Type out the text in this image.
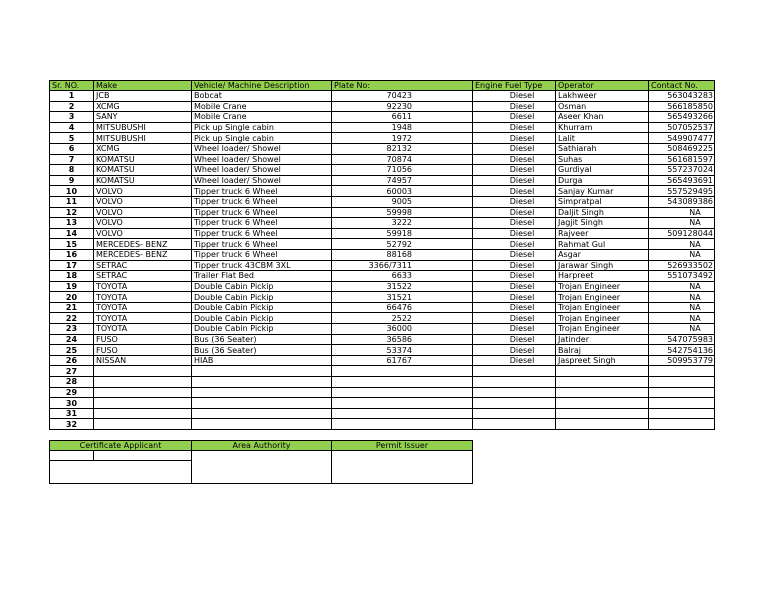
Sr. NO.	Make	Vehicle/ Machine Description	Plate No:	Engine Fuel Type	Operator	Contact No.
1	JCB	Bobcat	70423	Diesel	Lakhweer	563043283
2	XCMG	Mobile Crane	92230	Diesel	Osman	566185850
3	SANY	Mobile Crane	6611	Diesel	Aseer Khan	565493266
4	MITSUBUSHI	Pick up Single cabin	1948	Diesel	Khurram	507052537
5	MITSUBUSHI	Pick up Single cabin	1972	Diesel	Lalit	549907477
6	XCMG	Wheel loader/ Showel	82132	Diesel	Sathiarah	508469225
7	KOMATSU	Wheel loader/ Showel	70874	Diesel	Suhas	561681597
8	KOMATSU	Wheel loader/ Showel	71056	Diesel	Gurdiyal	557237024
9	KOMATSU	Wheel loader/ Showel	74957	Diesel	Durga	565493691
10	VOLVO	Tipper truck 6 Wheel	60003	Diesel	Sanjay Kumar	557529495
11	VOLVO	Tipper truck 6 Wheel	9005	Diesel	Simpratpal	543089386
12	VOLVO	Tipper truck 6 Wheel	59998	Diesel	Daljit Singh	NA
13	VOLVO	Tipper truck 6 Wheel	3222	Diesel	Jagjit Singh	NA
14	VOLVO	Tipper truck 6 Wheel	59918	Diesel	Rajveer	509128044
15	MERCEDES- BENZ	Tipper truck 6 Wheel	52792	Diesel	Rahmat Gul	NA
16	MERCEDES- BENZ	Tipper truck 6 Wheel	88168	Diesel	Asgar	NA
17	SETRAC	Tipper truck 43CBM 3XL	3366/7311	Diesel	Jarawar Singh	526933502
18	SETRAC	Trailer Flat Bed	6633	Diesel	Harpreet	551073492
19	TOYOTA	Double Cabin Pickip	31522	Diesel	Trojan Engineer	NA
20	TOYOTA	Double Cabin Pickip	31521	Diesel	Trojan Engineer	NA
21	TOYOTA	Double Cabin Pickip	66476	Diesel	Trojan Engineer	NA
22	TOYOTA	Double Cabin Pickip	2522	Diesel	Trojan Engineer	NA
23	TOYOTA	Double Cabin Pickip	36000	Diesel	Trojan Engineer	NA
24	FUSO	Bus (36 Seater)	36586	Diesel	Jatinder	547075983
25	FUSO	Bus (36 Seater)	53374	Diesel	Balraj	542754136
26	NISSAN	HIAB	61767	Diesel	Jaspreet Singh	509953779
27						
28						
29						
30						
31						
32						
Certificate Applicant		Area Authority	Permit Issuer
